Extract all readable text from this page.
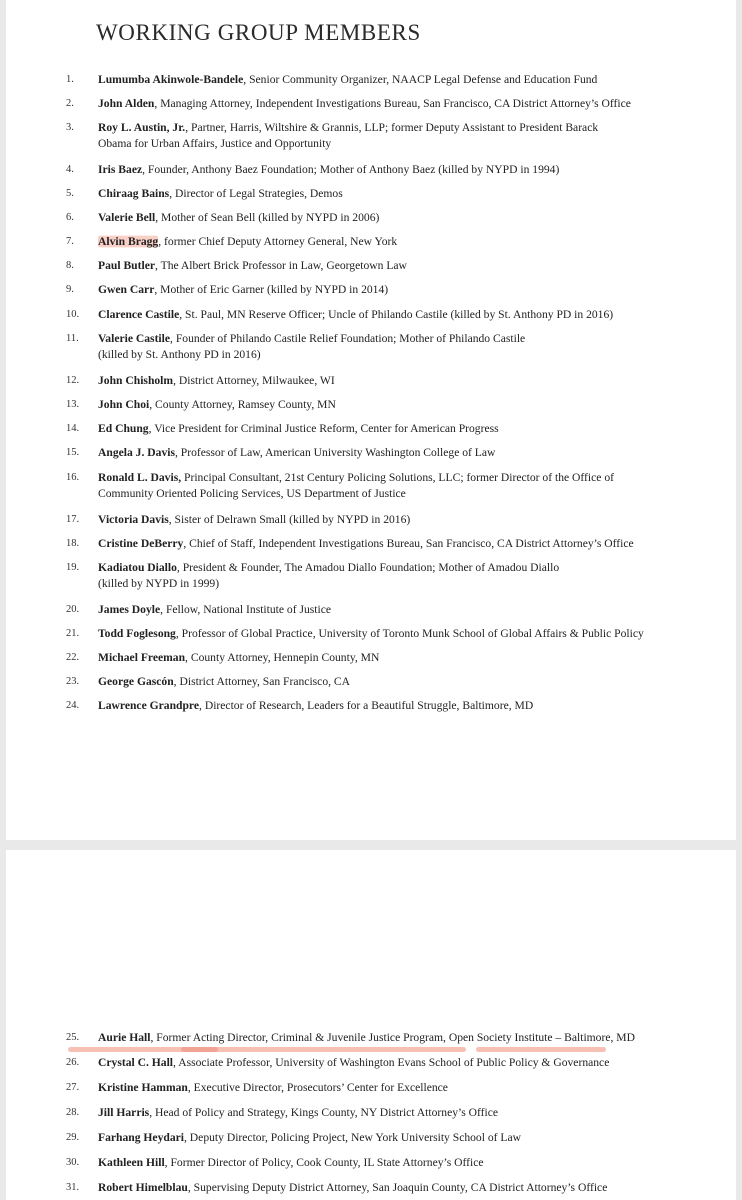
WORKING GROUP MEMBERS
1.	Lumumba Akinwole-Bandele, Senior Community Organizer, NAACP Legal Defense and Education Fund
2.	John Alden, Managing Attorney, Independent Investigations Bureau, San Francisco, CA District Attorney’s Office
3.	Roy L. Austin, Jr., Partner, Harris, Wiltshire & Grannis, LLP; former Deputy Assistant to President Barack
Obama for Urban Affairs, Justice and Opportunity
4.	Iris Baez, Founder, Anthony Baez Foundation; Mother of Anthony Baez (killed by NYPD in 1994)
5.	Chiraag Bains, Director of Legal Strategies, Demos
6.	Valerie Bell, Mother of Sean Bell (killed by NYPD in 2006)
7.	Alvin Bragg, former Chief Deputy Attorney General, New York
8.	Paul Butler, The Albert Brick Professor in Law, Georgetown Law
9.	Gwen Carr, Mother of Eric Garner (killed by NYPD in 2014)
10.	Clarence Castile, St. Paul, MN Reserve Officer; Uncle of Philando Castile (killed by St. Anthony PD in 2016)
11.	Valerie Castile, Founder of Philando Castile Relief Foundation; Mother of Philando Castile
(killed by St. Anthony PD in 2016)
12.	John Chisholm, District Attorney, Milwaukee, WI
13.	John Choi, County Attorney, Ramsey County, MN
14.	Ed Chung, Vice President for Criminal Justice Reform, Center for American Progress
15.	Angela J. Davis, Professor of Law, American University Washington College of Law
16.	Ronald L. Davis, Principal Consultant, 21st Century Policing Solutions, LLC; former Director of the Office of
Community Oriented Policing Services, US Department of Justice
17.	Victoria Davis, Sister of Delrawn Small (killed by NYPD in 2016)
18.	Cristine DeBerry, Chief of Staff, Independent Investigations Bureau, San Francisco, CA District Attorney’s Office
19.	Kadiatou Diallo, President & Founder, The Amadou Diallo Foundation; Mother of Amadou Diallo
(killed by NYPD in 1999)
20.	James Doyle, Fellow, National Institute of Justice
21.	Todd Foglesong, Professor of Global Practice, University of Toronto Munk School of Global Affairs & Public Policy
22.	Michael Freeman, County Attorney, Hennepin County, MN
23.	George Gascón, District Attorney, San Francisco, CA
24.	Lawrence Grandpre, Director of Research, Leaders for a Beautiful Struggle, Baltimore, MD
25.	Aurie Hall, Former Acting Director, Criminal & Juvenile Justice Program, Open Society Institute – Baltimore, MD
26.	Crystal C. Hall, Associate Professor, University of Washington Evans School of Public Policy & Governance
27.	Kristine Hamman, Executive Director, Prosecutors’ Center for Excellence
28.	Jill Harris, Head of Policy and Strategy, Kings County, NY District Attorney’s Office
29.	Farhang Heydari, Deputy Director, Policing Project, New York University School of Law
30.	Kathleen Hill, Former Director of Policy, Cook County, IL State Attorney’s Office
31.	Robert Himelblau, Supervising Deputy District Attorney, San Joaquin County, CA District Attorney’s Office
